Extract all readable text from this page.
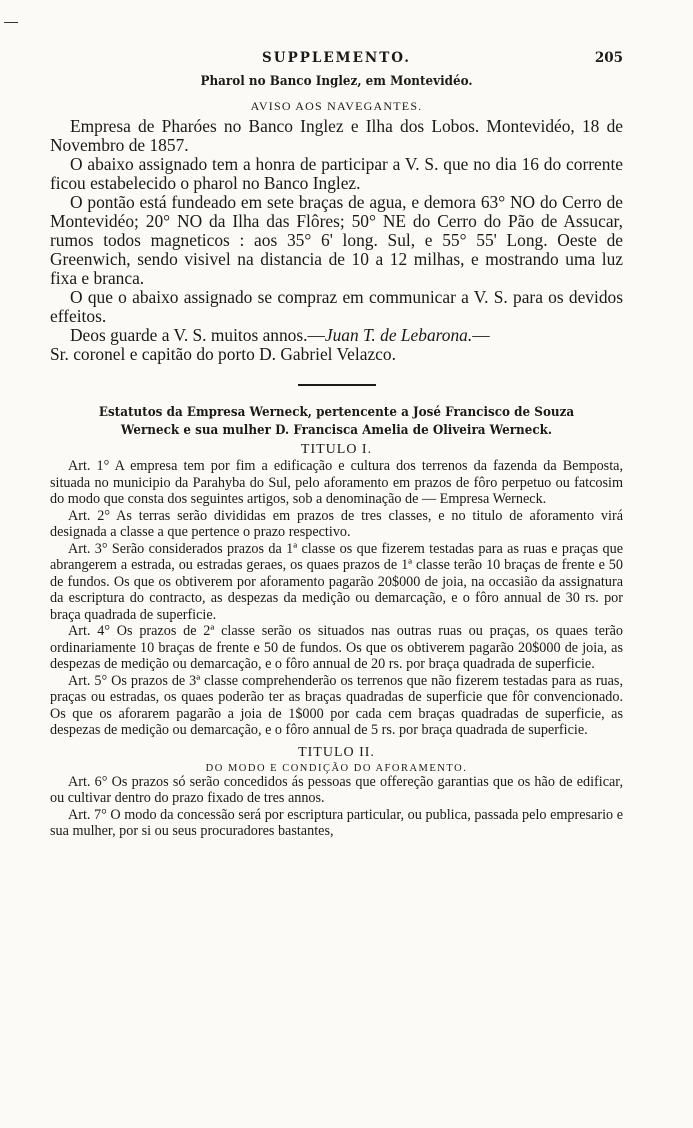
SUPPLEMENTO.	205
Pharol no Banco Inglez, em Montevidéo.
AVISO AOS NAVEGANTES.

Empresa de Pharóes no Banco Inglez e Ilha dos Lobos. Montevidéo, 18 de Novembro de 1857.

O abaixo assignado tem a honra de participar a V. S. que no dia 16 do corrente ficou estabelecido o pharol no Banco Inglez.

O pontão está fundeado em sete braças de agua, e demora 63° NO do Cerro de Montevidéo; 20° NO da Ilha das Flôres; 50° NE do Cerro do Pão de Assucar, rumos todos magneticos : aos 35° 6' long. Sul, e 55° 55' Long. Oeste de Greenwich, sendo visivel na distancia de 10 a 12 milhas, e mostrando uma luz fixa e branca.

O que o abaixo assignado se compraz em communicar a V. S. para os devidos effeitos.

Deos guarde a V. S. muitos annos.—Juan T. de Lebarona.—

Sr. coronel e capitão do porto D. Gabriel Velazco.

Estatutos da Empresa Werneck, pertencente a José Francisco de Souza Werneck e sua mulher D. Francisca Amelia de Oliveira Werneck.
TITULO I.

Art. 1° A empresa tem por fim a edificação e cultura dos terrenos da fazenda da Bemposta, situada no municipio da Parahyba do Sul, pelo aforamento em prazos de fôro perpetuo ou fatcosim do modo que consta dos seguintes artigos, sob a denominação de — Empresa Werneck.

Art. 2° As terras serão divididas em prazos de tres classes, e no titulo de aforamento virá designada a classe a que pertence o prazo respectivo.

Art. 3° Serão considerados prazos da 1ª classe os que fizerem testadas para as ruas e praças que abrangerem a estrada, ou estradas geraes, os quaes prazos de 1ª classe terão 10 braças de frente e 50 de fundos. Os que os obtiverem por aforamento pagarão 20$000 de joia, na occasião da assignatura da escriptura do contracto, as despezas da medição ou demarcação, e o fôro annual de 30 rs. por braça quadrada de superficie.

Art. 4° Os prazos de 2ª classe serão os situados nas outras ruas ou praças, os quaes terão ordinariamente 10 braças de frente e 50 de fundos. Os que os obtiverem pagarão 20$000 de joia, as despezas de medição ou demarcação, e o fôro annual de 20 rs. por braça quadrada de superficie.

Art. 5° Os prazos de 3ª classe comprehenderão os terrenos que não fizerem testadas para as ruas, praças ou estradas, os quaes poderão ter as braças quadradas de superficie que fôr convencionado. Os que os aforarem pagarão a joia de 1$000 por cada cem braças quadradas de superficie, as despezas de medição ou demarcação, e o fôro annual de 5 rs. por braça quadrada de superficie.

TITULO II.
DO MODO E CONDIÇÃO DO AFORAMENTO.

Art. 6° Os prazos só serão concedidos ás pessoas que offereção garantias que os hão de edificar, ou cultivar dentro do prazo fixado de tres annos.

Art. 7° O modo da concessão será por escriptura particular, ou publica, passada pelo empresario e sua mulher, por si ou seus procuradores bastantes,
